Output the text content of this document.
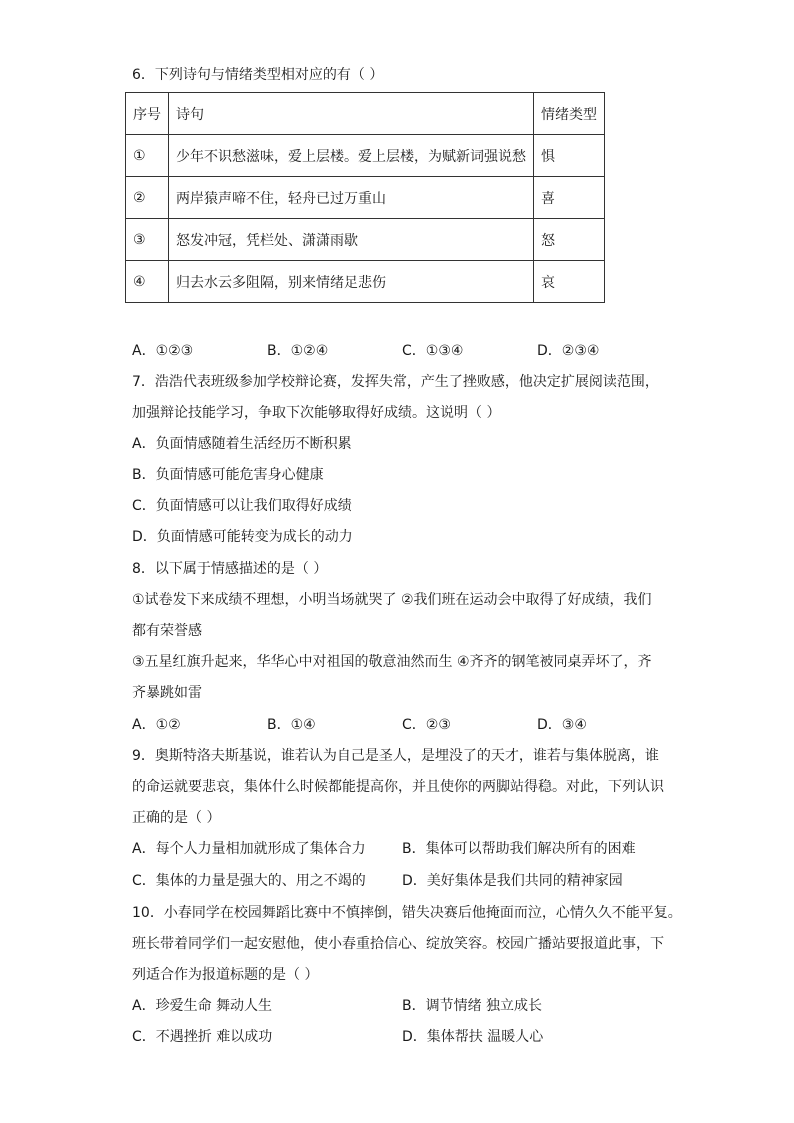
6．下列诗句与情绪类型相对应的有（ ）
序号	诗句	情绪类型
①	少年不识愁滋味，爱上层楼。爱上层楼，为赋新词强说愁	惧
②	两岸猿声啼不住，轻舟已过万重山	喜
③	怒发冲冠，凭栏处、潇潇雨歇	怒
④	归去水云多阻隔，别来情绪足悲伤	哀
A．①②③	B．①②④	C．①③④	D．②③④
7．浩浩代表班级参加学校辩论赛，发挥失常，产生了挫败感，他决定扩展阅读范围，
加强辩论技能学习，争取下次能够取得好成绩。这说明（ ）
A．负面情感随着生活经历不断积累
B．负面情感可能危害身心健康
C．负面情感可以让我们取得好成绩
D．负面情感可能转变为成长的动力
8．以下属于情感描述的是（ ）
①试卷发下来成绩不理想，小明当场就哭了 ②我们班在运动会中取得了好成绩，我们
都有荣誉感
③五星红旗升起来，华华心中对祖国的敬意油然而生 ④齐齐的钢笔被同桌弄坏了，齐
齐暴跳如雷
A．①②	B．①④	C．②③	D．③④
9．奥斯特洛夫斯基说，谁若认为自己是圣人，是埋没了的天才，谁若与集体脱离，谁
的命运就要悲哀，集体什么时候都能提高你，并且使你的两脚站得稳。对此，下列认识
正确的是（ ）
A．每个人力量相加就形成了集体合力	B．集体可以帮助我们解决所有的困难
C．集体的力量是强大的、用之不竭的	D．美好集体是我们共同的精神家园
10．小春同学在校园舞蹈比赛中不慎摔倒，错失决赛后他掩面而泣，心情久久不能平复。
班长带着同学们一起安慰他，使小春重拾信心、绽放笑容。校园广播站要报道此事，下
列适合作为报道标题的是（ ）
A．珍爱生命 舞动人生	B．调节情绪 独立成长
C．不遇挫折 难以成功	D．集体帮扶 温暖人心
